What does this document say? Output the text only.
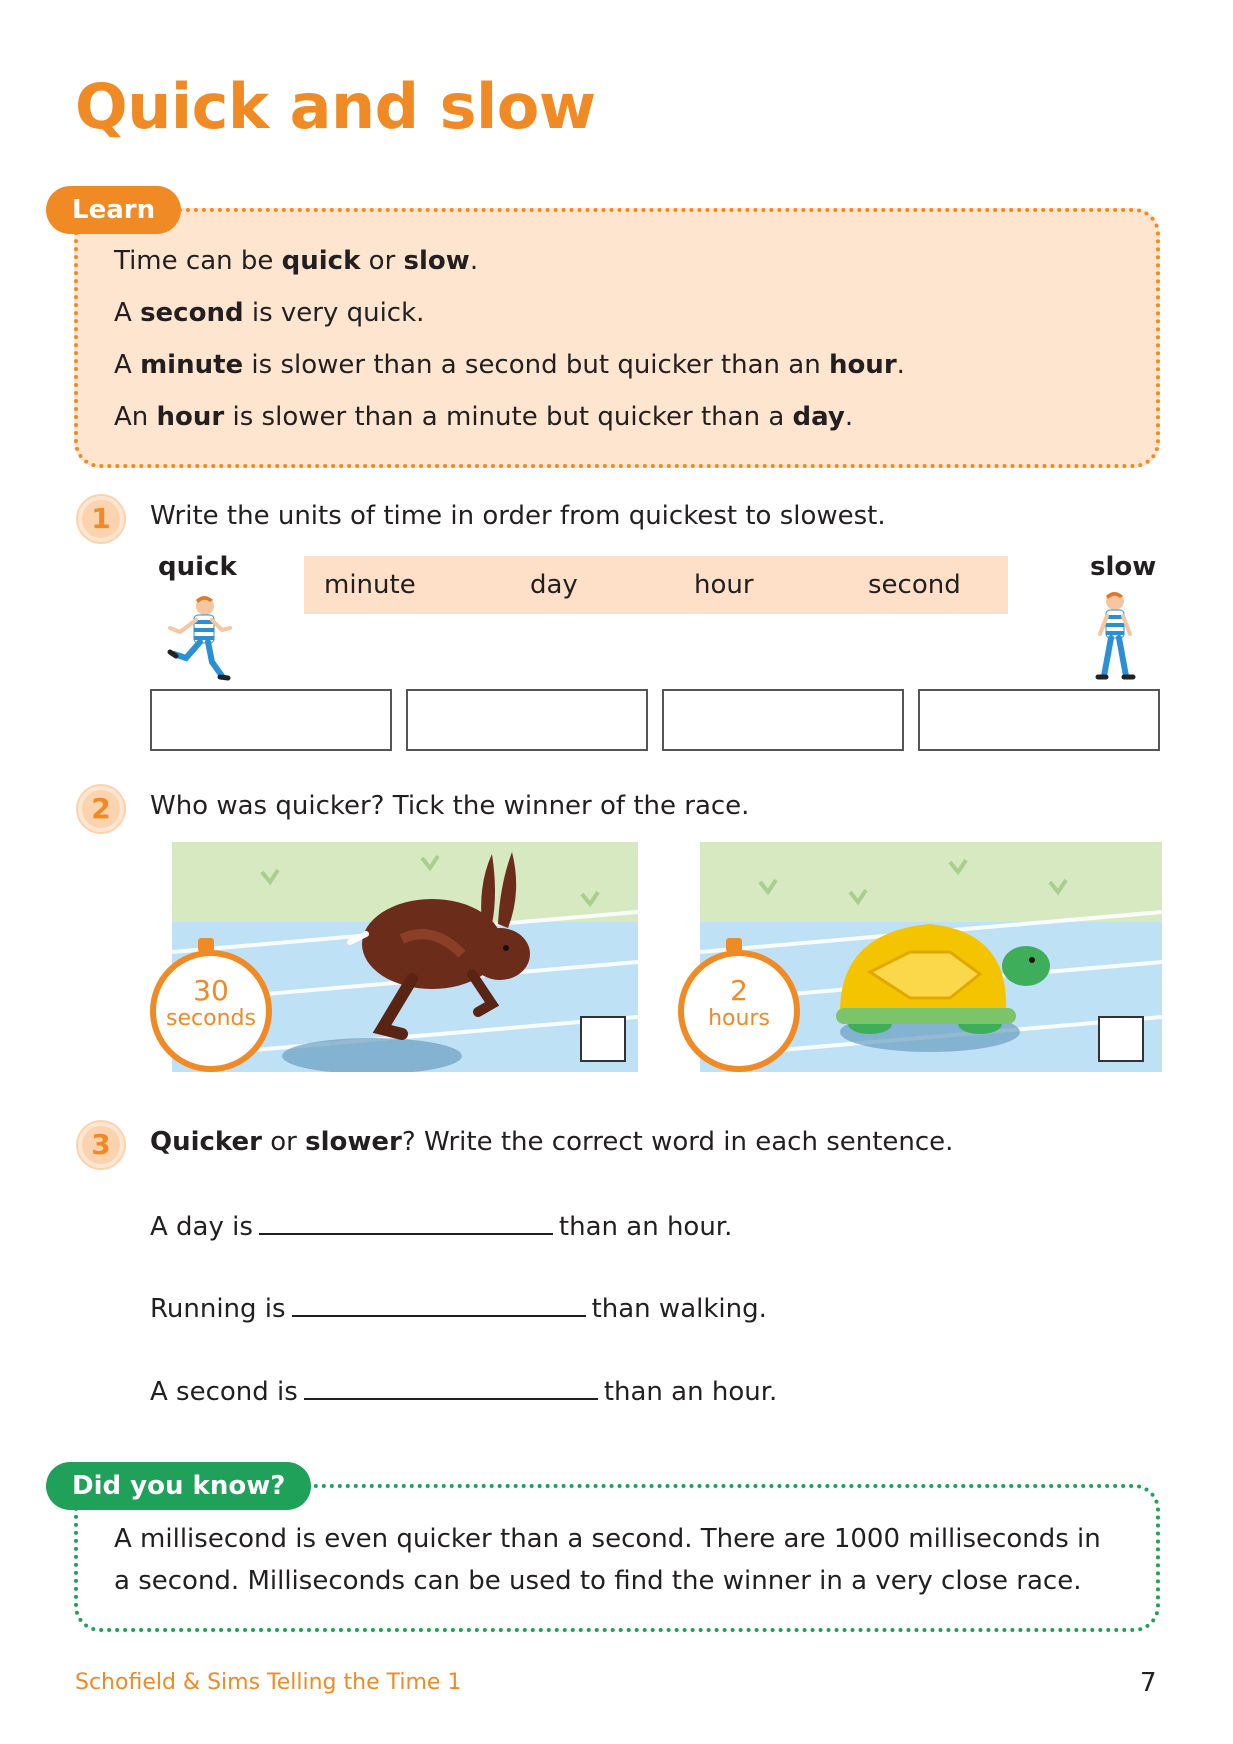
Quick and slow
Learn
Time can be quick or slow.
A second is very quick.
A minute is slower than a second but quicker than an hour.
An hour is slower than a minute but quicker than a day.
1	Write the units of time in order from quickest to slowest.
quick	slow
minute	day	hour	second
2	Who was quicker? Tick the winner of the race.
30
seconds
2
hours
3	Quicker or slower? Write the correct word in each sentence.
A day is	than an hour.
Running is	than walking.
A second is	than an hour.
Did you know?
A millisecond is even quicker than a second. There are 1000 milliseconds in
a second. Milliseconds can be used to find the winner in a very close race.
Schofield & Sims Telling the Time 1	7
